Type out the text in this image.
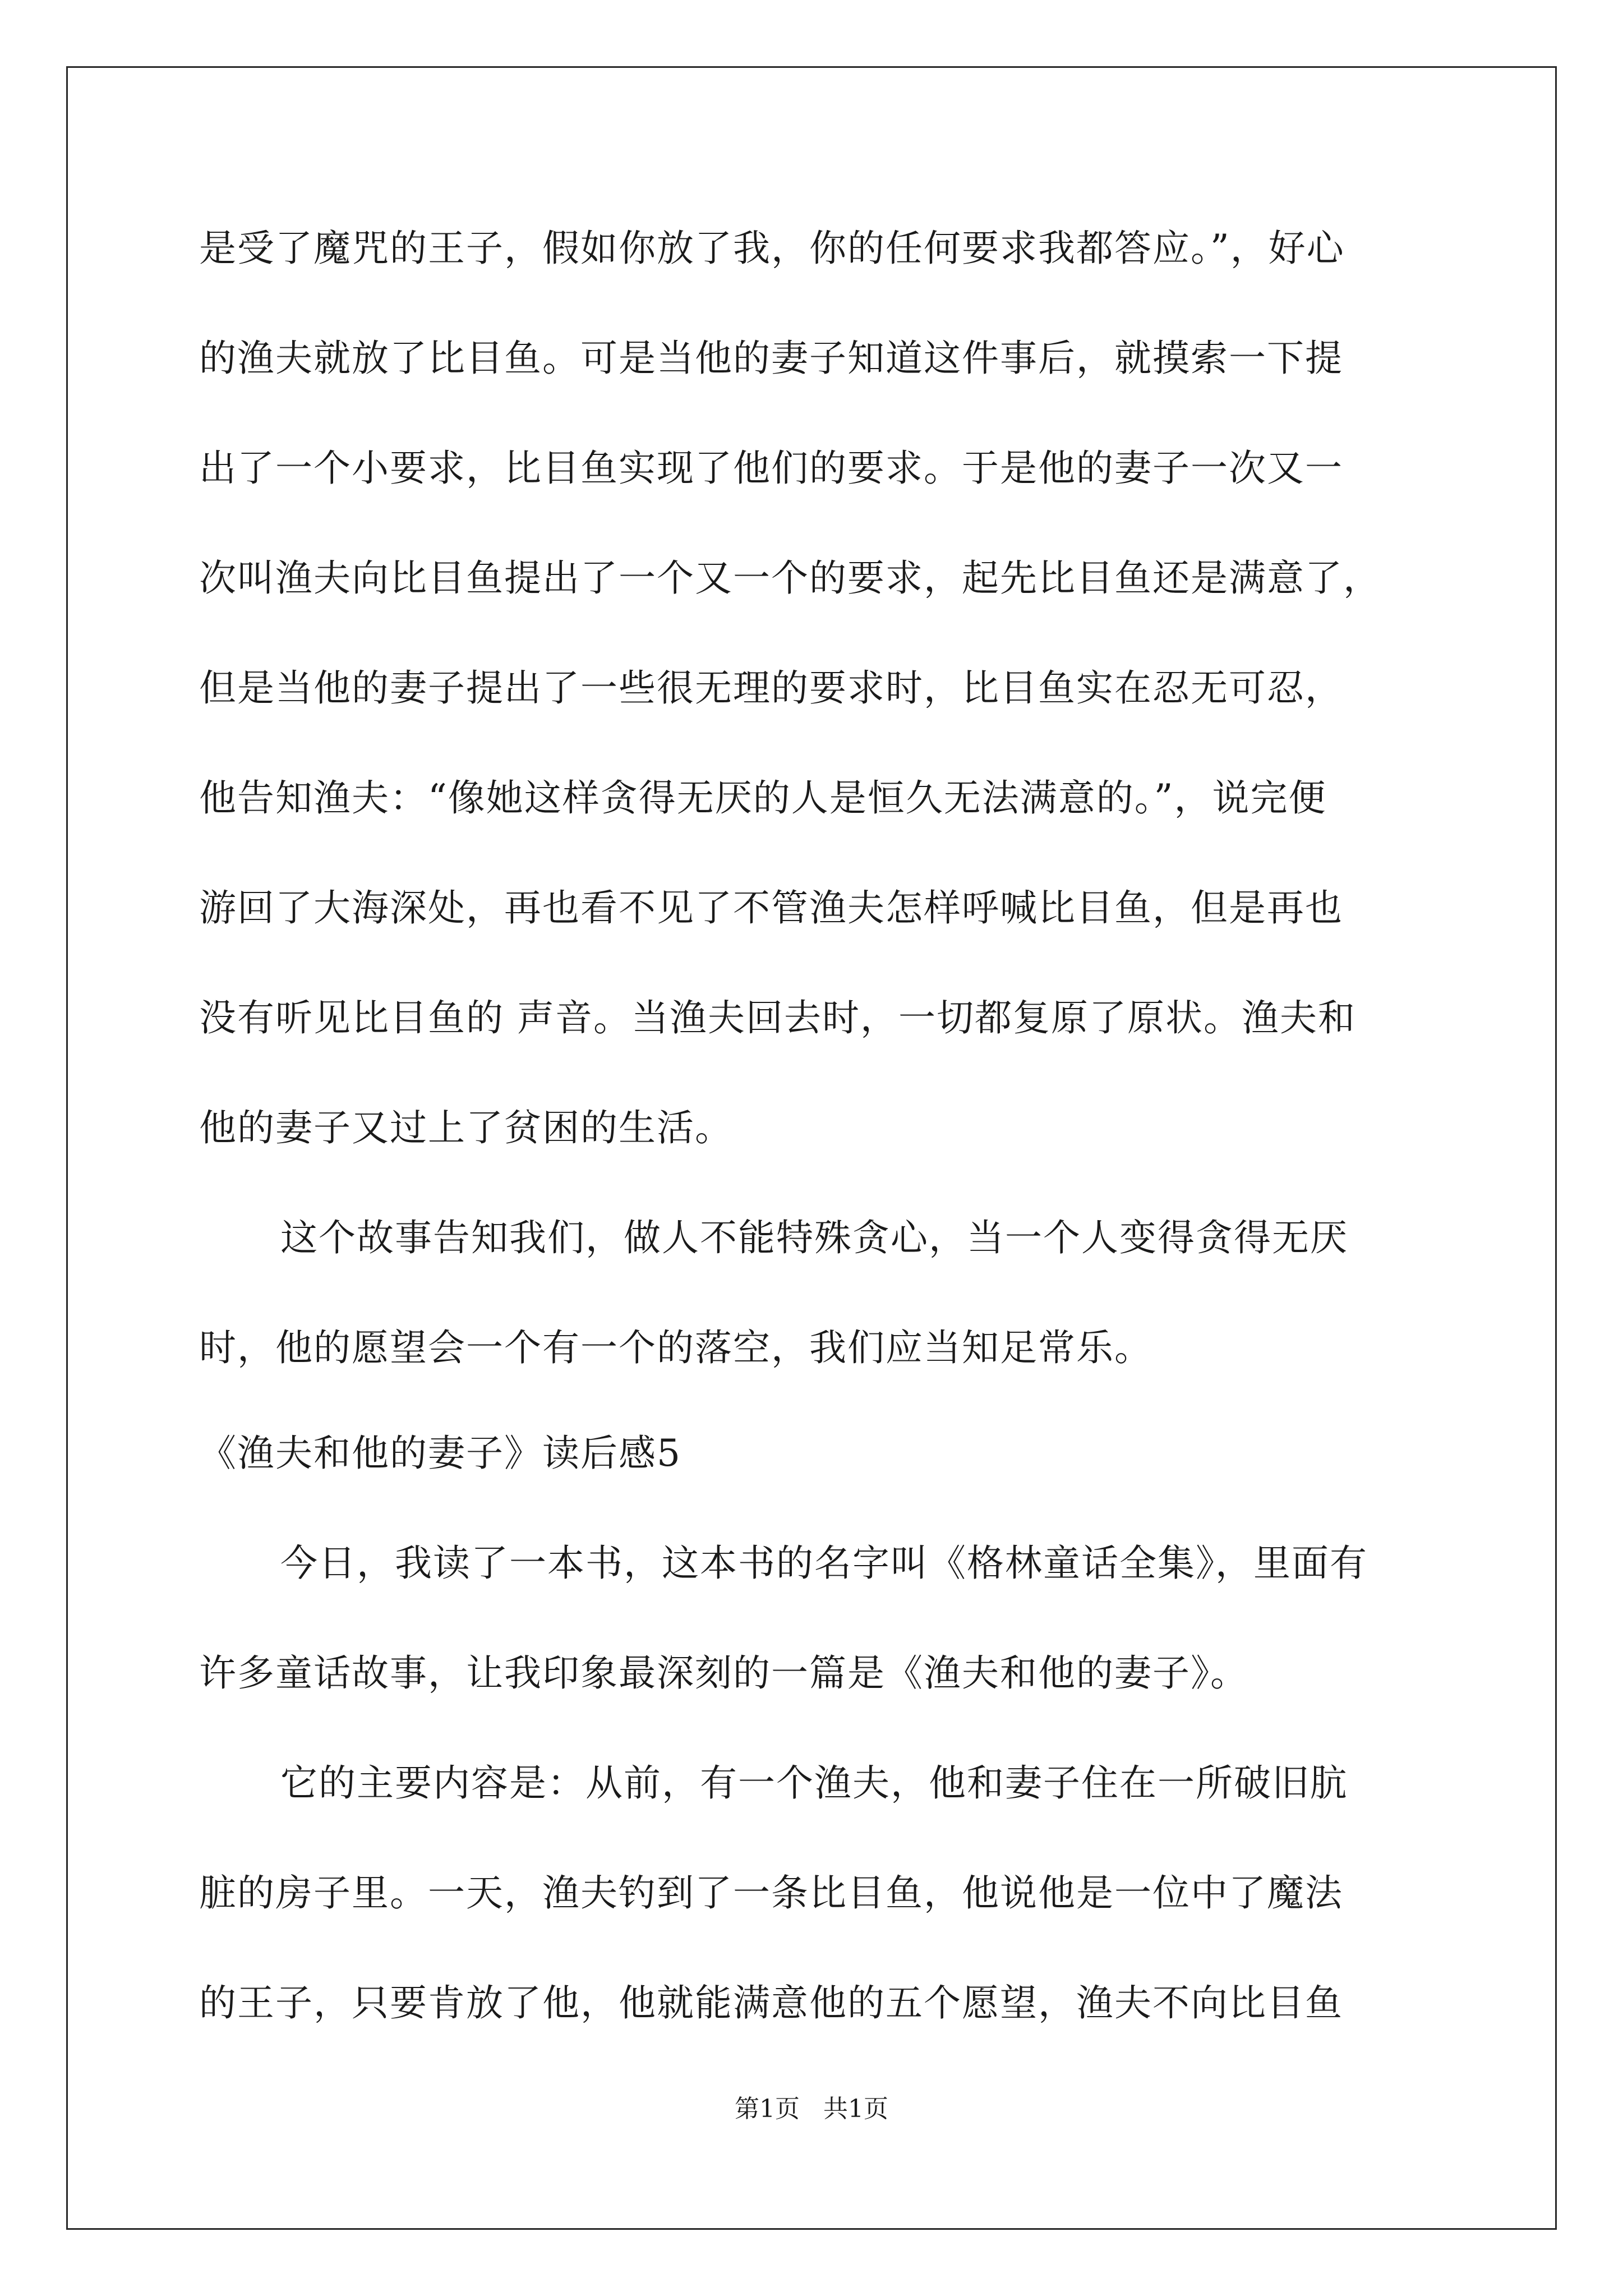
是受了魔咒的王子，假如你放了我，你的任何要求我都答应。”，好心
的渔夫就放了比目鱼。可是当他的妻子知道这件事后，就摸索一下提
出了一个小要求，比目鱼实现了他们的要求。于是他的妻子一次又一
次叫渔夫向比目鱼提出了一个又一个的要求，起先比目鱼还是满意了，
但是当他的妻子提出了一些很无理的要求时，比目鱼实在忍无可忍，
他告知渔夫：“像她这样贪得无厌的人是恒久无法满意的。”，说完便
游回了大海深处，再也看不见了不管渔夫怎样呼喊比目鱼，但是再也
没有听见比目鱼的 声音。当渔夫回去时，一切都复原了原状。渔夫和
他的妻子又过上了贫困的生活。
这个故事告知我们，做人不能特殊贪心，当一个人变得贪得无厌
时，他的愿望会一个有一个的落空，我们应当知足常乐。
《渔夫和他的妻子》读后感5
今日，我读了一本书，这本书的名字叫《格林童话全集》，里面有
许多童话故事，让我印象最深刻的一篇是《渔夫和他的妻子》。
它的主要内容是：从前，有一个渔夫，他和妻子住在一所破旧肮
脏的房子里。一天，渔夫钓到了一条比目鱼，他说他是一位中了魔法
的王子，只要肯放了他，他就能满意他的五个愿望，渔夫不向比目鱼
第1页   共1页
